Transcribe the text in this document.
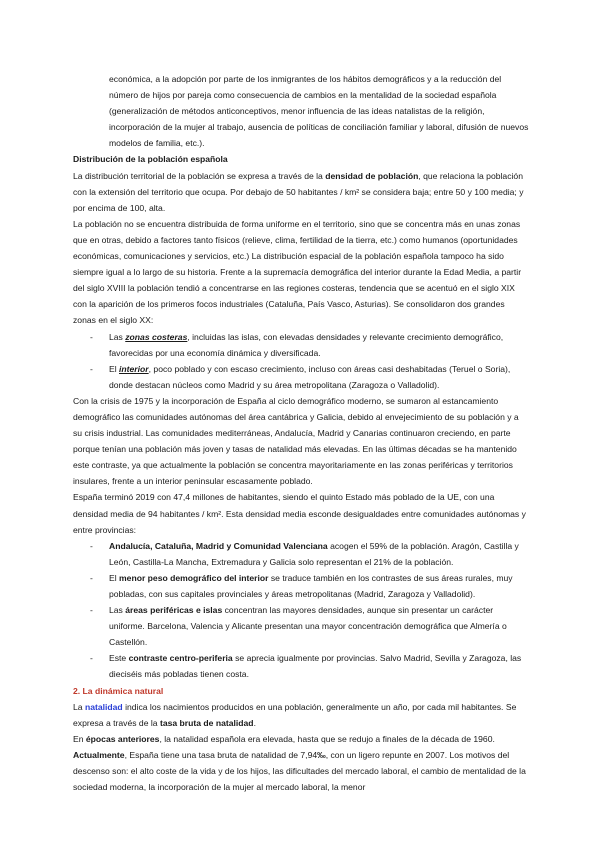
económica, a la adopción por parte de los inmigrantes de los hábitos demográficos y a la reducción del número de hijos por pareja como consecuencia de cambios en la mentalidad de la sociedad española (generalización de métodos anticonceptivos, menor influencia de las ideas natalistas de la religión, incorporación de la mujer al trabajo, ausencia de políticas de conciliación familiar y laboral, difusión de nuevos modelos de familia, etc.).

Distribución de la población española

La distribución territorial de la población se expresa a través de la densidad de población, que relaciona la población con la extensión del territorio que ocupa. Por debajo de 50 habitantes / km² se considera baja; entre 50 y 100 media; y por encima de 100, alta.

La población no se encuentra distribuida de forma uniforme en el territorio, sino que se concentra más en unas zonas que en otras, debido a factores tanto físicos (relieve, clima, fertilidad de la tierra, etc.) como humanos (oportunidades económicas, comunicaciones y servicios, etc.) La distribución espacial de la población española tampoco ha sido siempre igual a lo largo de su historia. Frente a la supremacía demográfica del interior durante la Edad Media, a partir del siglo XVIII la población tendió a concentrarse en las regiones costeras, tendencia que se acentuó en el siglo XIX con la aparición de los primeros focos industriales (Cataluña, País Vasco, Asturias). Se consolidaron dos grandes zonas en el siglo XX:

- Las zonas costeras, incluidas las islas, con elevadas densidades y relevante crecimiento demográfico, favorecidas por una economía dinámica y diversificada.
- El interior, poco poblado y con escaso crecimiento, incluso con áreas casi deshabitadas (Teruel o Soria), donde destacan núcleos como Madrid y su área metropolitana (Zaragoza o Valladolid).

Con la crisis de 1975 y la incorporación de España al ciclo demográfico moderno, se sumaron al estancamiento demográfico las comunidades autónomas del área cantábrica y Galicia, debido al envejecimiento de su población y a su crisis industrial. Las comunidades mediterráneas, Andalucía, Madrid y Canarias continuaron creciendo, en parte porque tenían una población más joven y tasas de natalidad más elevadas. En las últimas décadas se ha mantenido este contraste, ya que actualmente la población se concentra mayoritariamente en las zonas periféricas y territorios insulares, frente a un interior peninsular escasamente poblado.

España terminó 2019 con 47,4 millones de habitantes, siendo el quinto Estado más poblado de la UE, con una densidad media de 94 habitantes / km². Esta densidad media esconde desigualdades entre comunidades autónomas y entre provincias:

- Andalucía, Cataluña, Madrid y Comunidad Valenciana acogen el 59% de la población. Aragón, Castilla y León, Castilla-La Mancha, Extremadura y Galicia solo representan el 21% de la población.
- El menor peso demográfico del interior se traduce también en los contrastes de sus áreas rurales, muy pobladas, con sus capitales provinciales y áreas metropolitanas (Madrid, Zaragoza y Valladolid).
- Las áreas periféricas e islas concentran las mayores densidades, aunque sin presentar un carácter uniforme. Barcelona, Valencia y Alicante presentan una mayor concentración demográfica que Almería o Castellón.
- Este contraste centro-periferia se aprecia igualmente por provincias. Salvo Madrid, Sevilla y Zaragoza, las dieciséis más pobladas tienen costa.

2. La dinámica natural

La natalidad indica los nacimientos producidos en una población, generalmente un año, por cada mil habitantes. Se expresa a través de la tasa bruta de natalidad.

En épocas anteriores, la natalidad española era elevada, hasta que se redujo a finales de la década de 1960.

Actualmente, España tiene una tasa bruta de natalidad de 7,94‰, con un ligero repunte en 2007. Los motivos del descenso son: el alto coste de la vida y de los hijos, las dificultades del mercado laboral, el cambio de mentalidad de la sociedad moderna, la incorporación de la mujer al mercado laboral, la menor
